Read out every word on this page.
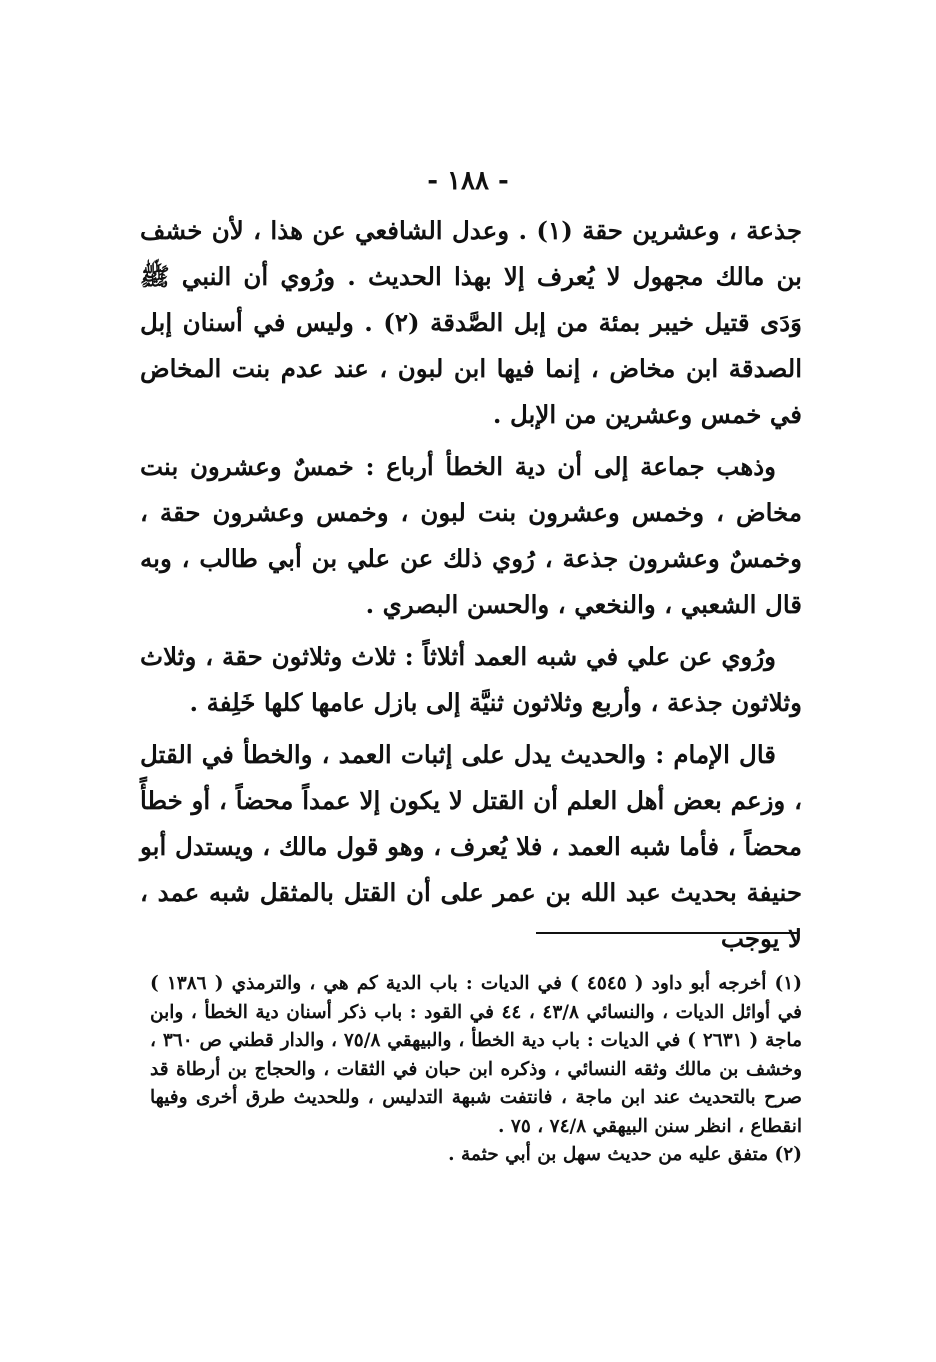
- ١٨٨ -

جذعة ، وعشرين حقة (١) . وعدل الشافعي عن هذا ، لأن خشف بن مالك مجهول لا يُعرف إلا بهذا الحديث . ورُوي أن النبي ﷺ وَدَى قتيل خيبر بمئة من إبل الصَّدقة (٢) . وليس في أسنان إبل الصدقة ابن مخاض ، إنما فيها ابن لبون ، عند عدم بنت المخاض في خمس وعشرين من الإبل .

وذهب جماعة إلى أن دية الخطأ أرباع : خمسٌ وعشرون بنت مخاض ، وخمس وعشرون بنت لبون ، وخمس وعشرون حقة ، وخمسٌ وعشرون جذعة ، رُوي ذلك عن علي بن أبي طالب ، وبه قال الشعبي ، والنخعي ، والحسن البصري .

ورُوي عن علي في شبه العمد أثلاثاً : ثلاث وثلاثون حقة ، وثلاث وثلاثون جذعة ، وأربع وثلاثون ثنيَّة إلى بازل عامها كلها خَلِفة .

قال الإمام : والحديث يدل على إثبات العمد ، والخطأ في القتل ، وزعم بعض أهل العلم أن القتل لا يكون إلا عمداً محضاً ، أو خطأً محضاً ، فأما شبه العمد ، فلا يُعرف ، وهو قول مالك ، ويستدل أبو حنيفة بحديث عبد الله بن عمر على أن القتل بالمثقل شبه عمد ، لا يوجب

(١) أخرجه أبو داود ( ٤٥٤٥ ) في الديات : باب الدية كم هي ، والترمذي ( ١٣٨٦ ) في أوائل الديات ، والنسائي ٤٣/٨ ، ٤٤ في القود : باب ذكر أسنان دية الخطأ ، وابن ماجة ( ٢٦٣١ ) في الديات : باب دية الخطأ ، والبيهقي ٧٥/٨ ، والدار قطني ص ٣٦٠ ، وخشف بن مالك وثقه النسائي ، وذكره ابن حبان في الثقات ، والحجاج بن أرطاة قد صرح بالتحديث عند ابن ماجة ، فانتفت شبهة التدليس ، وللحديث طرق أخرى وفيها انقطاع ، انظر سنن البيهقي ٧٤/٨ ، ٧٥ .

(٢) متفق عليه من حديث سهل بن أبي حثمة .
